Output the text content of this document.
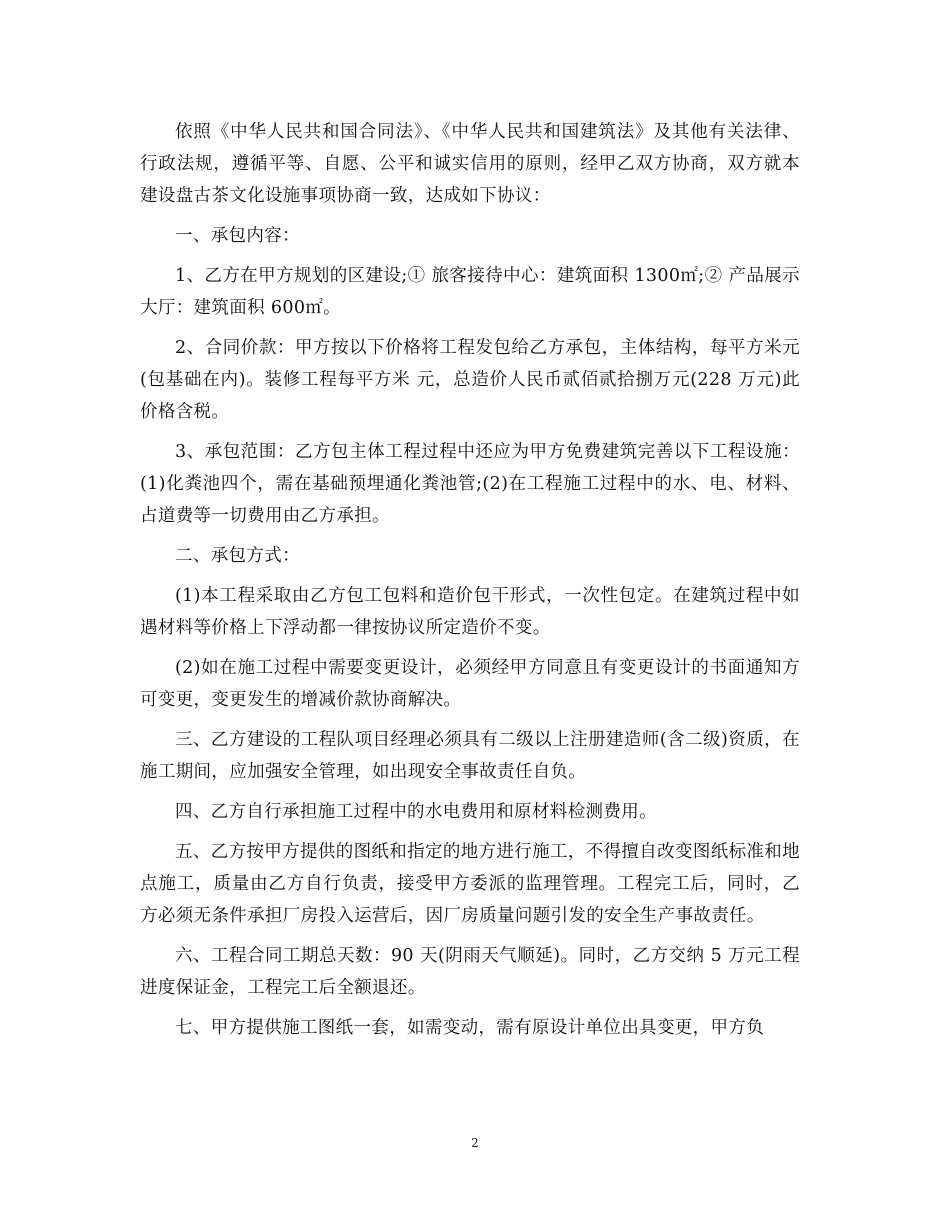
依照《中华人民共和国合同法》、《中华人民共和国建筑法》及其他有关法律、行政法规，遵循平等、自愿、公平和诚实信用的原则，经甲乙双方协商，双方就本建设盘古茶文化设施事项协商一致，达成如下协议：

一、承包内容：

1、乙方在甲方规划的区建设;① 旅客接待中心：建筑面积 1300㎡;② 产品展示大厅：建筑面积 600㎡。

2、合同价款：甲方按以下价格将工程发包给乙方承包，主体结构，每平方米元(包基础在内)。装修工程每平方米 元，总造价人民币贰佰贰拾捌万元(228 万元)此价格含税。

3、承包范围：乙方包主体工程过程中还应为甲方免费建筑完善以下工程设施：(1)化粪池四个，需在基础预埋通化粪池管;(2)在工程施工过程中的水、电、材料、占道费等一切费用由乙方承担。

二、承包方式：

(1)本工程采取由乙方包工包料和造价包干形式，一次性包定。在建筑过程中如遇材料等价格上下浮动都一律按协议所定造价不变。

(2)如在施工过程中需要变更设计，必须经甲方同意且有变更设计的书面通知方可变更，变更发生的增减价款协商解决。

三、乙方建设的工程队项目经理必须具有二级以上注册建造师(含二级)资质，在施工期间，应加强安全管理，如出现安全事故责任自负。

四、乙方自行承担施工过程中的水电费用和原材料检测费用。

五、乙方按甲方提供的图纸和指定的地方进行施工，不得擅自改变图纸标准和地点施工，质量由乙方自行负责，接受甲方委派的监理管理。工程完工后，同时，乙方必须无条件承担厂房投入运营后，因厂房质量问题引发的安全生产事故责任。

六、工程合同工期总天数：90 天(阴雨天气顺延)。同时，乙方交纳 5 万元工程进度保证金，工程完工后全额退还。

七、甲方提供施工图纸一套，如需变动，需有原设计单位出具变更，甲方负

2
